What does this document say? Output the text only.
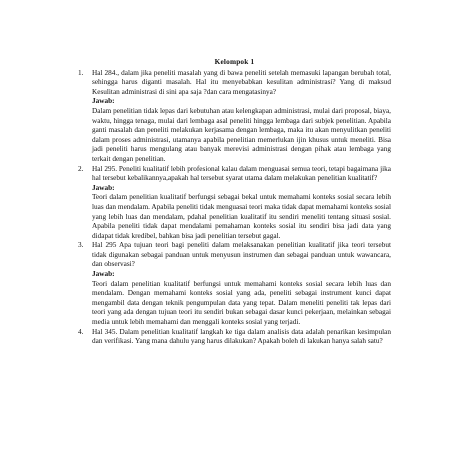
Kelompok 1
1. Hal 284., dalam jika peneliti masalah yang di bawa peneliti setelah memasuki lapangan berubah total, sehingga harus diganti masalah. Hal itu menyebabkan kesulitan administrasi? Yang di maksud Kesulitan administrasi di sini apa saja ?dan cara mengatasinya?

Jawab:

Dalam penelitian tidak lepas dari kebutuhan atau kelengkapan administrasi, mulai dari proposal, biaya, waktu, hingga tenaga, mulai dari lembaga asal peneliti hingga lembaga dari subjek penelitian. Apabila ganti masalah dan peneliti melakukan kerjasama dengan lembaga, maka itu akan menyulitkan peneliti dalam proses administrasi, utamanya apabila penelitian memerlukan ijin khusus untuk meneliti. Bisa jadi peneliti harus mengulang atau banyak merevisi administrasi dengan pihak atau lembaga yang terkait dengan penelitian.

2. Hal 295. Peneliti kualitatif lebih profesional kalau dalam menguasai semua teori, tetapi bagaimana jika hal tersebut kebalikannya,apakah hal tersebut syarat utama dalam melakukan penelitian kualitatif?

Jawab:

Teori dalam penelitian kualitatif berfungsi sebagai bekal untuk memahami konteks sosial secara lebih luas dan mendalam. Apabila peneliti tidak menguasai teori maka tidak dapat memahami konteks sosial yang lebih luas dan mendalam, pdahal penelitian kualitatif itu sendiri meneliti tentang situasi sosial. Apabila peneliti tidak dapat mendalami pemahaman konteks sosial itu sendiri bisa jadi data yang didapat tidak kredibel, bahkan bisa jadi penelitian tersebut gagal.

3. Hal 295 Apa tujuan teori bagi peneliti dalam melaksanakan penelitian kualitatif jika teori tersebut tidak digunakan sebagai panduan untuk menyusun instrumen dan sebagai panduan untuk wawancara, dan observasi?

Jawab:

Teori dalam penelitian kualitatif berfungsi untuk memahami konteks sosial secara lebih luas dan mendalam. Dengan memahami konteks sosial yang ada, peneliti sebagai instrument kunci dapat mengambil data dengan teknik pengumpulan data yang tepat. Dalam meneliti peneliti tak lepas dari teori yang ada dengan tujuan teori itu sendiri bukan sebagai dasar kunci pekerjaan, melainkan sebagai media untuk lebih memahami dan menggali konteks sosial yang terjadi.

4. Hal 345. Dalam penelitian kualitatif langkah ke tiga dalam analisis data adalah penarikan kesimpulan dan verifikasi. Yang mana dahulu yang harus dilakukan? Apakah boleh di lakukan hanya salah satu?
